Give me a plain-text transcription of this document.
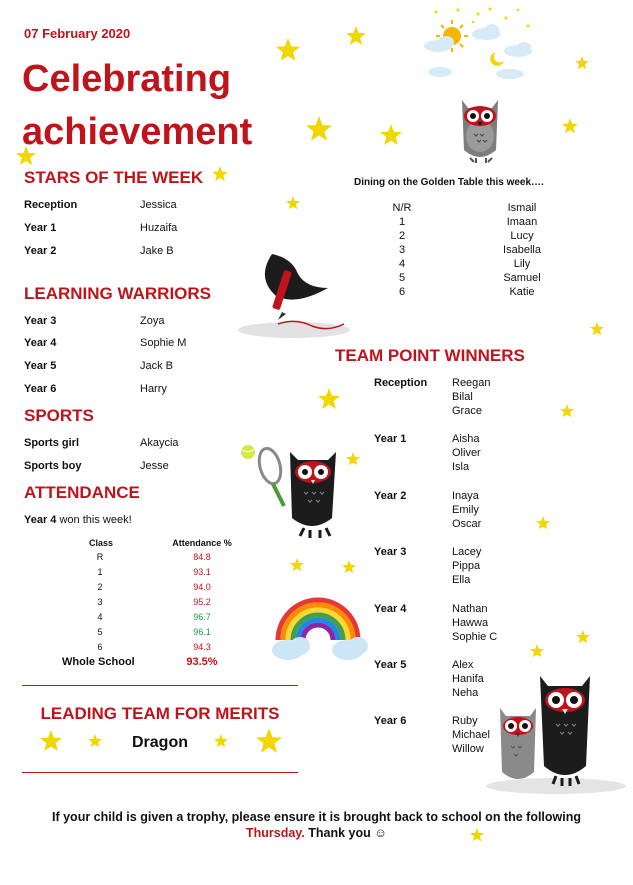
07 February 2020
Celebrating
achievement
STARS OF THE WEEK
Reception	Jessica
Year 1	Huzaifa
Year 2	Jake B
LEARNING WARRIORS
Year 3	Zoya
Year 4	Sophie M
Year 5	Jack B
Year 6	Harry
SPORTS
Sports girl	Akaycia
Sports boy	Jesse
ATTENDANCE
Year 4 won this week!
Class	Attendance %
R	84.8
1	93.1
2	94.0
3	95.2
4	96.7
5	96.1
6	94.3
Whole School	93.5%
LEADING TEAM FOR MERITS
Dragon
Dining on the Golden Table this week….
N/R	Ismail
1	Imaan
2	Lucy
3	Isabella
4	Lily
5	Samuel
6	Katie
TEAM POINT WINNERS
Reception Reegan
Bilal
Grace
Year 1	Aisha
Oliver
Isla
Year 2	Inaya
Emily
Oscar
Year 3	Lacey
Pippa
Ella
Year 4	Nathan
Hawwa
Sophie C
Year 5	Alex
Hanifa
Neha
Year 6	Ruby
Michael
Willow
If your child is given a trophy, please ensure it is brought back to school on the following
Thursday. Thank you ☺
